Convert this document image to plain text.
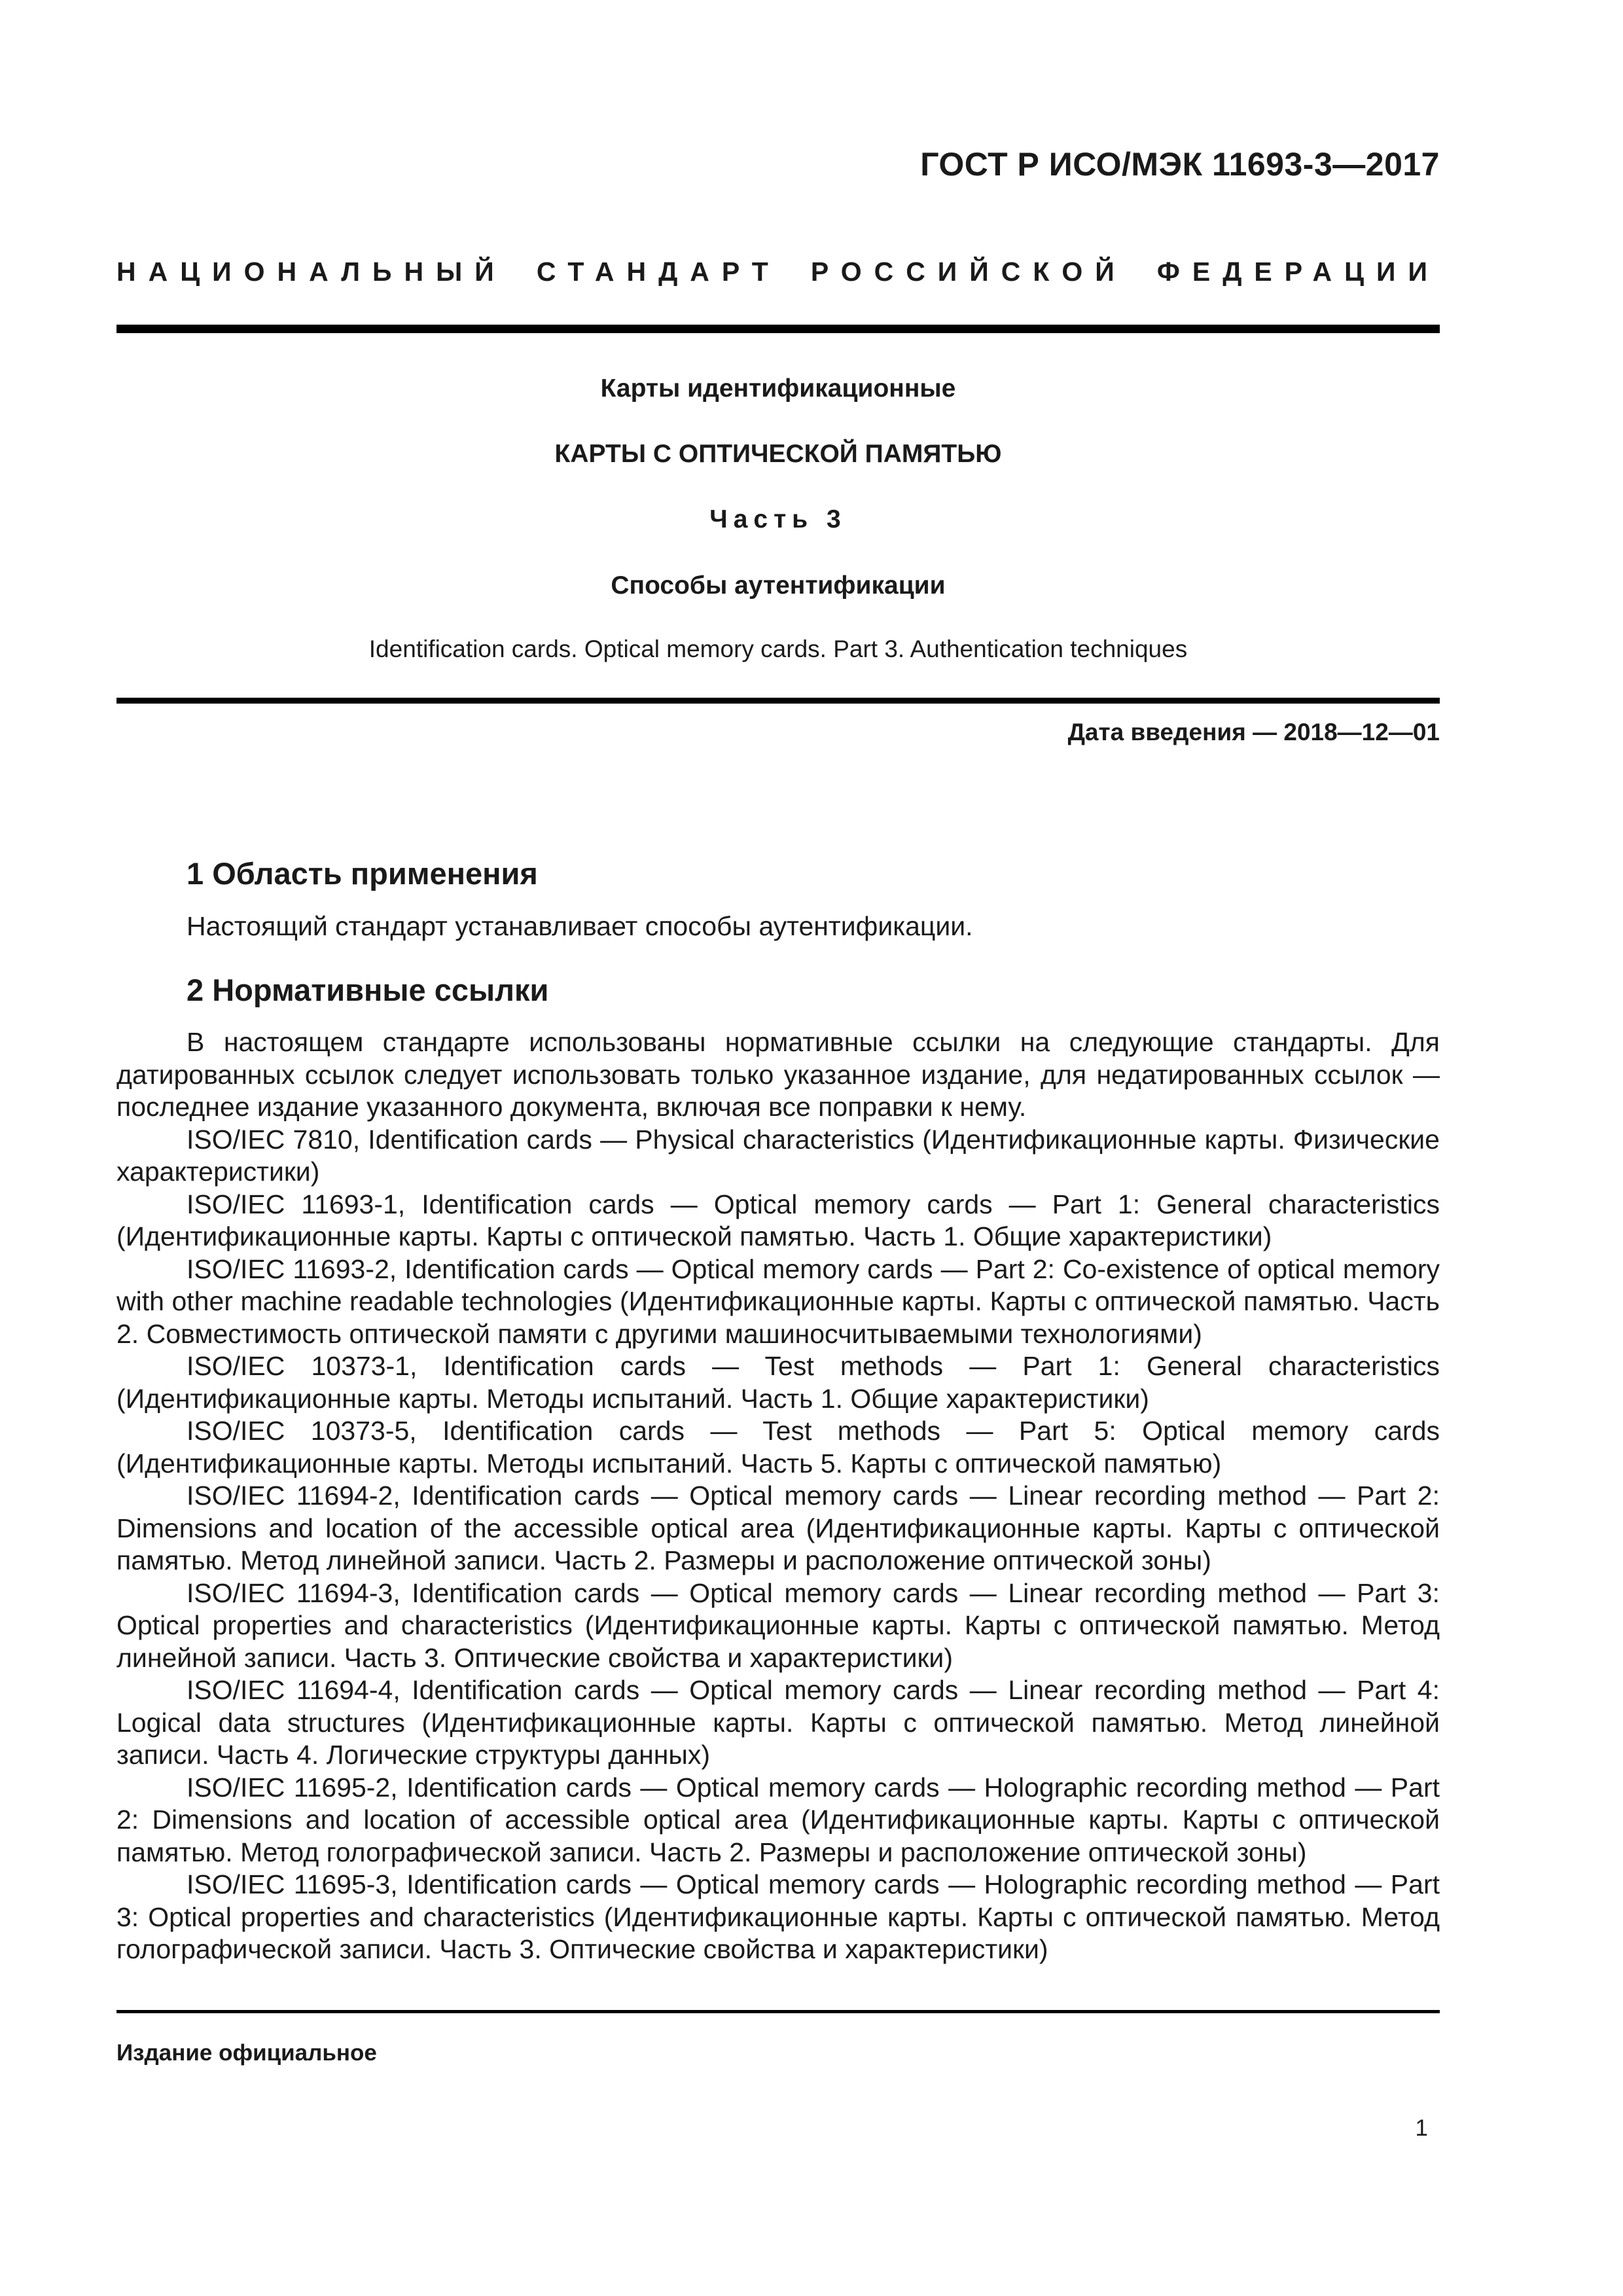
ГОСТ Р ИСО/МЭК 11693-3—2017
НАЦИОНАЛЬНЫЙ СТАНДАРТ РОССИЙСКОЙ ФЕДЕРАЦИИ
Карты идентификационные
КАРТЫ С ОПТИЧЕСКОЙ ПАМЯТЬЮ
Часть 3
Способы аутентификации
Identification cards. Optical memory cards. Part 3. Authentication techniques
Дата введения — 2018—12—01
1 Область применения
Настоящий стандарт устанавливает способы аутентификации.
2 Нормативные ссылки

В настоящем стандарте использованы нормативные ссылки на следующие стандарты. Для датированных ссылок следует использовать только указанное издание, для недатированных ссылок — последнее издание указанного документа, включая все поправки к нему.

ISO/IEC 7810, Identification cards — Physical characteristics (Идентификационные карты. Физические характеристики)

ISO/IEC 11693-1, Identification cards — Optical memory cards — Part 1: General characteristics (Идентификационные карты. Карты с оптической памятью. Часть 1. Общие характеристики)

ISO/IEC 11693-2, Identification cards — Optical memory cards — Part 2: Co-existence of optical memory with other machine readable technologies (Идентификационные карты. Карты с оптической памятью. Часть 2. Совместимость оптической памяти с другими машиносчитываемыми технологиями)

ISO/IEC 10373-1, Identification cards — Test methods — Part 1: General characteristics (Идентификационные карты. Методы испытаний. Часть 1. Общие характеристики)

ISO/IEC 10373-5, Identification cards — Test methods — Part 5: Optical memory cards (Идентификационные карты. Методы испытаний. Часть 5. Карты с оптической памятью)

ISO/IEC 11694-2, Identification cards — Optical memory cards — Linear recording method — Part 2: Dimensions and location of the accessible optical area (Идентификационные карты. Карты с оптической памятью. Метод линейной записи. Часть 2. Размеры и расположение оптической зоны)

ISO/IEC 11694-3, Identification cards — Optical memory cards — Linear recording method — Part 3: Optical properties and characteristics (Идентификационные карты. Карты с оптической памятью. Метод линейной записи. Часть 3. Оптические свойства и характеристики)

ISO/IEC 11694-4, Identification cards — Optical memory cards — Linear recording method — Part 4: Logical data structures (Идентификационные карты. Карты с оптической памятью. Метод линейной записи. Часть 4. Логические структуры данных)

ISO/IEC 11695-2, Identification cards — Optical memory cards — Holographic recording method — Part 2: Dimensions and location of accessible optical area (Идентификационные карты. Карты с оптической памятью. Метод голографической записи. Часть 2. Размеры и расположение оптической зоны)

ISO/IEC 11695-3, Identification cards — Optical memory cards — Holographic recording method — Part 3: Optical properties and characteristics (Идентификационные карты. Карты с оптической памятью. Метод голографической записи. Часть 3. Оптические свойства и характеристики)

Издание официальное
1
